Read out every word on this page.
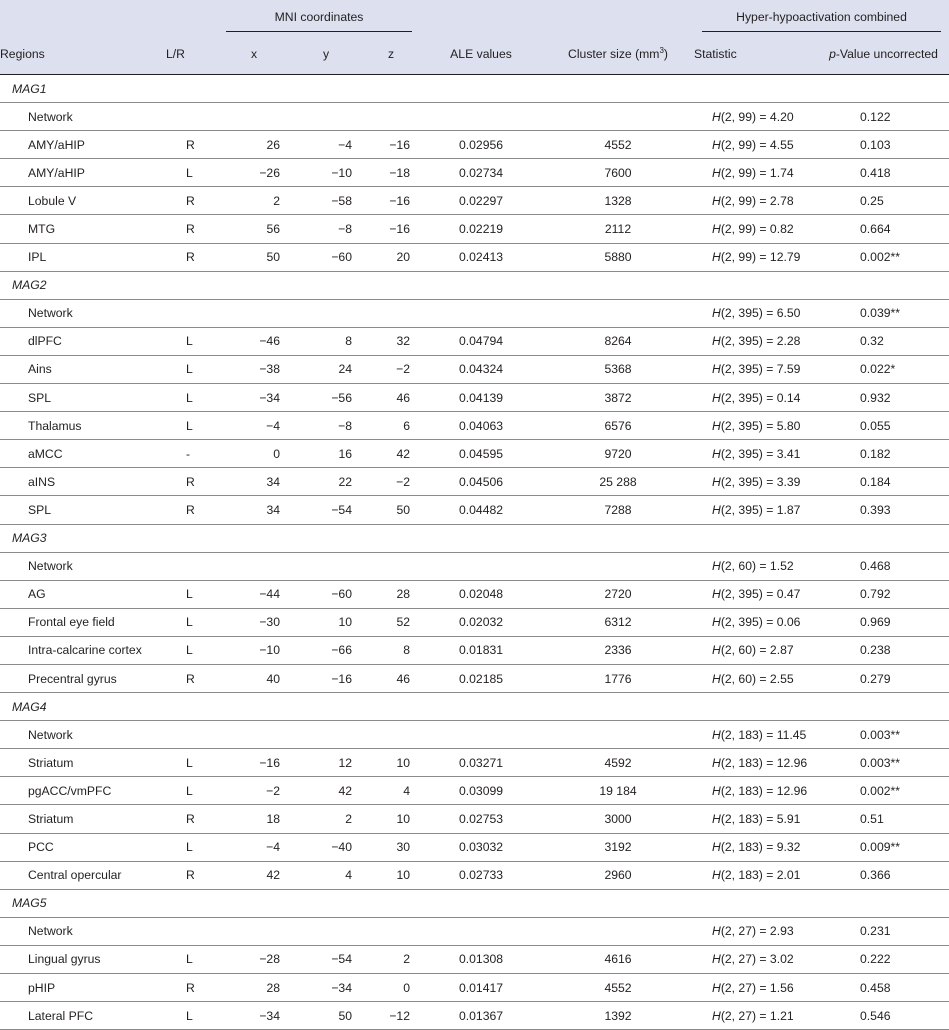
		MNI coordinates					Hyper-hypoactivation combined	

Regions	L/R	x	y	z	ALE values	Cluster size $(mm^3)$	Statistic	p-Value uncorrected
MAG1								
Network							H(2, 99) = 4.20	0.122
AMY/aHIP	R	26	−4	−16	0.02956	4552	H(2, 99) = 4.55	0.103
AMY/aHIP	L	−26	−10	−18	0.02734	7600	H(2, 99) = 1.74	0.418
Lobule V	R	2	−58	−16	0.02297	1328	H(2, 99) = 2.78	0.25
MTG	R	56	−8	−16	0.02219	2112	H(2, 99) = 0.82	0.664
IPL	R	50	−60	20	0.02413	5880	H(2, 99) = 12.79	0.002**
MAG2								
Network							H(2, 395) = 6.50	0.039**
dlPFC	L	−46	8	32	0.04794	8264	H(2, 395) = 2.28	0.32
Ains	L	−38	24	−2	0.04324	5368	H(2, 395) = 7.59	0.022*
SPL	L	−34	−56	46	0.04139	3872	H(2, 395) = 0.14	0.932
Thalamus	L	−4	−8	6	0.04063	6576	H(2, 395) = 5.80	0.055
aMCC	-	0	16	42	0.04595	9720	H(2, 395) = 3.41	0.182
aINS	R	34	22	−2	0.04506	25 288	H(2, 395) = 3.39	0.184
SPL	R	34	−54	50	0.04482	7288	H(2, 395) = 1.87	0.393
MAG3								
Network							H(2, 60) = 1.52	0.468
AG	L	−44	−60	28	0.02048	2720	H(2, 395) = 0.47	0.792
Frontal eye field	L	−30	10	52	0.02032	6312	H(2, 395) = 0.06	0.969
Intra-calcarine cortex	L	−10	−66	8	0.01831	2336	H(2, 60) = 2.87	0.238
Precentral gyrus	R	40	−16	46	0.02185	1776	H(2, 60) = 2.55	0.279
MAG4								
Network							H(2, 183) = 11.45	0.003**
Striatum	L	−16	12	10	0.03271	4592	H(2, 183) = 12.96	0.003**
pgACC/vmPFC	L	−2	42	4	0.03099	19 184	H(2, 183) = 12.96	0.002**
Striatum	R	18	2	10	0.02753	3000	H(2, 183) = 5.91	0.51
PCC	L	−4	−40	30	0.03032	3192	H(2, 183) = 9.32	0.009**
Central opercular	R	42	4	10	0.02733	2960	H(2, 183) = 2.01	0.366
MAG5								
Network							H(2, 27) = 2.93	0.231
Lingual gyrus	L	−28	−54	2	0.01308	4616	H(2, 27) = 3.02	0.222
pHIP	R	28	−34	0	0.01417	4552	H(2, 27) = 1.56	0.458
Lateral PFC	L	−34	50	−12	0.01367	1392	H(2, 27) = 1.21	0.546
